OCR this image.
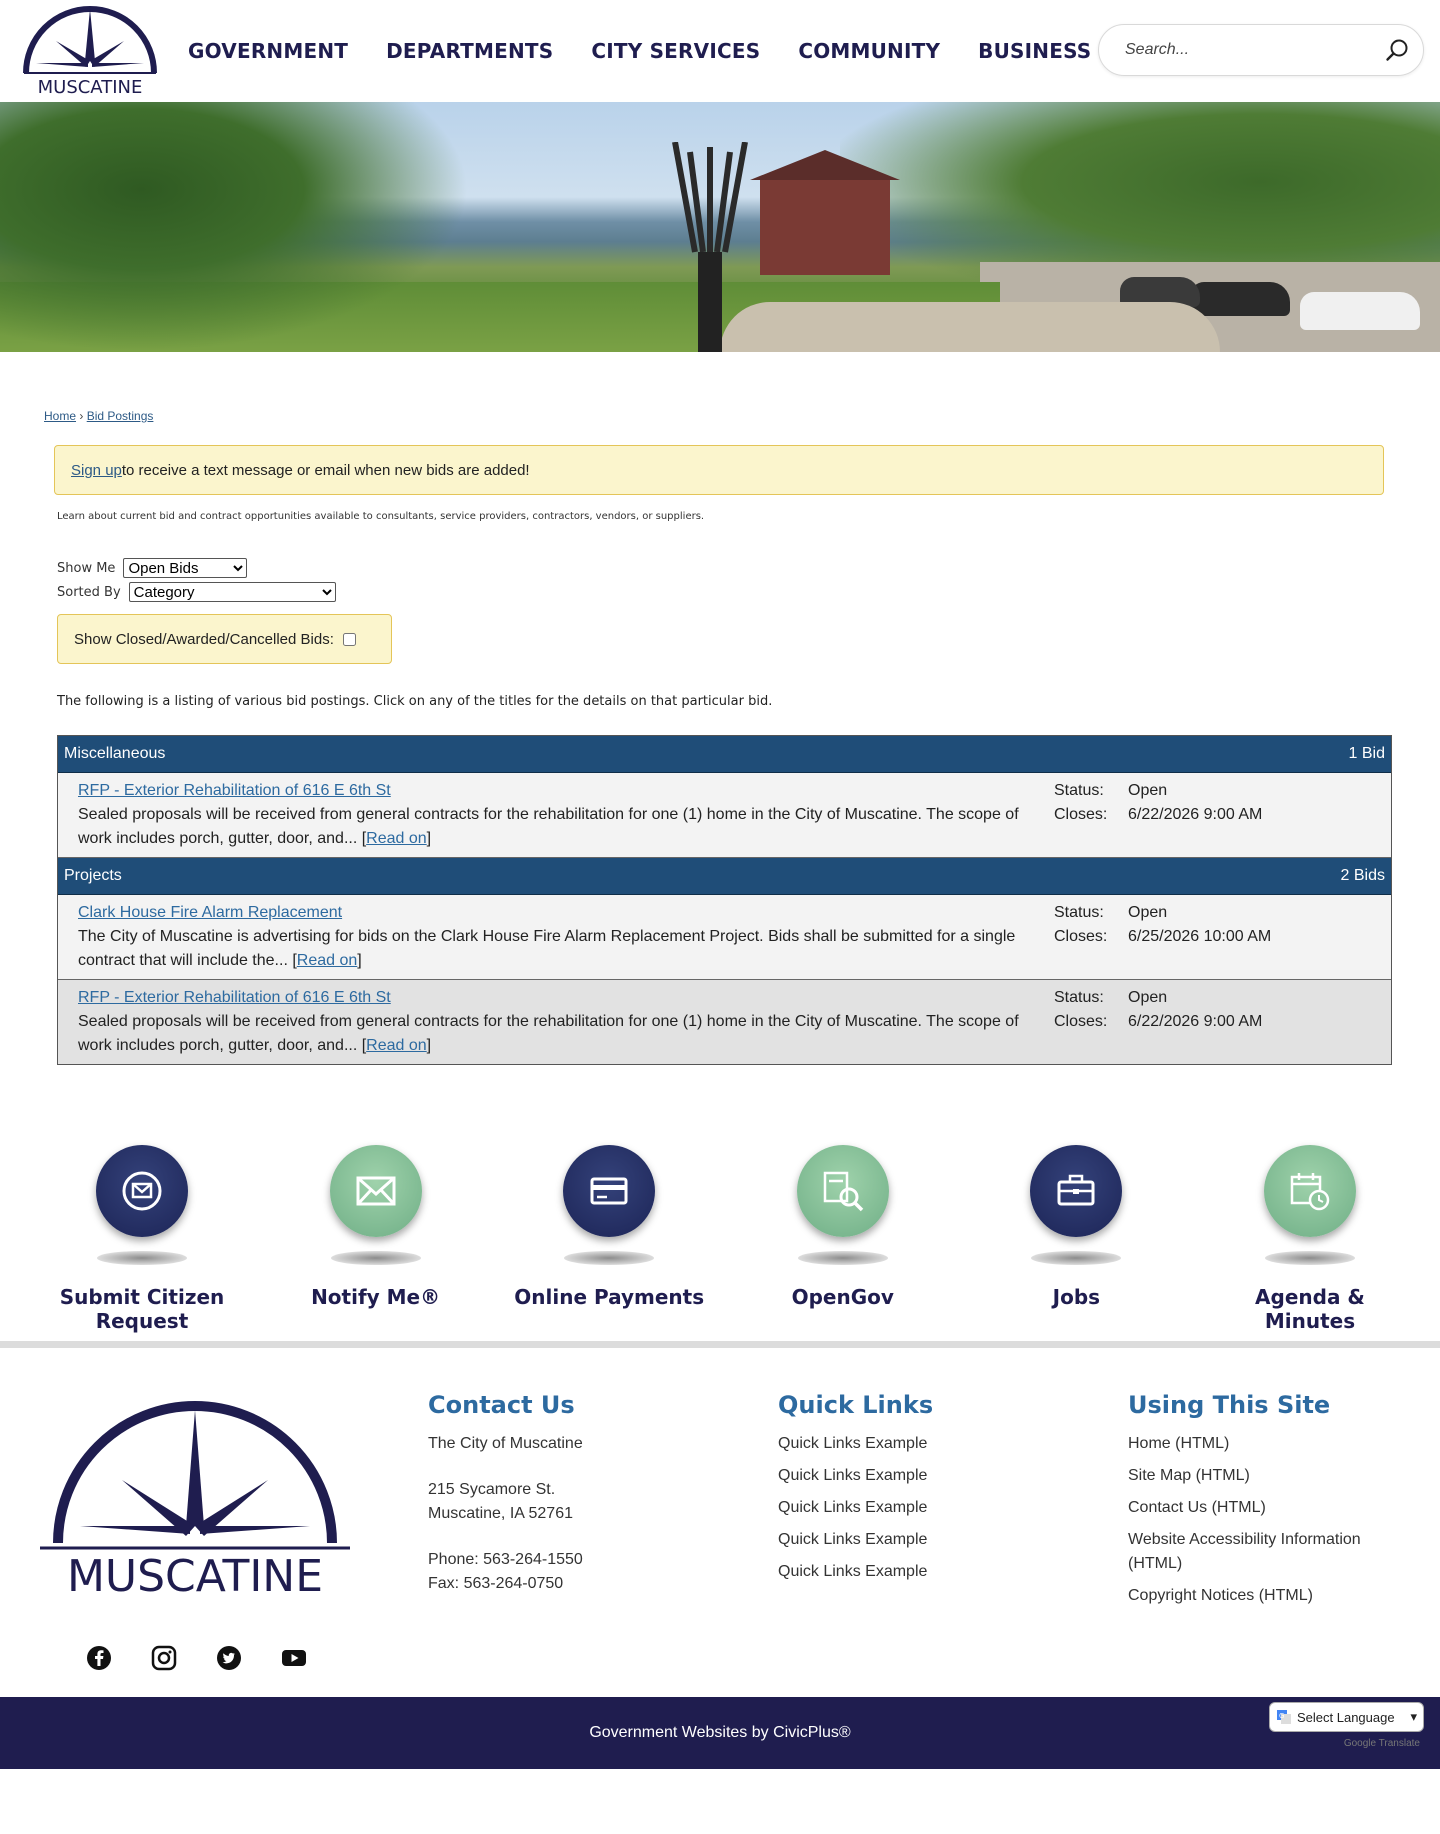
MUSCATINE
GOVERNMENT DEPARTMENTS CITY SERVICES COMMUNITY BUSINESS
Search...
Home › Bid Postings
Sign up to receive a text message or email when new bids are added!
Learn about current bid and contract opportunities available to consultants, service providers, contractors, vendors, or suppliers.
Show Me
Open Bids
Sorted By
Category
Show Closed/Awarded/Cancelled Bids:
The following is a listing of various bid postings. Click on any of the titles for the details on that particular bid.
Miscellaneous	1 Bid
RFP - Exterior Rehabilitation of 616 E 6th St
Sealed proposals will be received from general contracts for the rehabilitation for one (1) home in the City of Muscatine. The scope of work includes porch, gutter, door, and... [Read on]
Status:	Open
Closes:	6/22/2026 9:00 AM
Projects	2 Bids
Clark House Fire Alarm Replacement
The City of Muscatine is advertising for bids on the Clark House Fire Alarm Replacement Project. Bids shall be submitted for a single contract that will include the... [Read on]
Status:	Open
Closes:	6/25/2026 10:00 AM
RFP - Exterior Rehabilitation of 616 E 6th St
Sealed proposals will be received from general contracts for the rehabilitation for one (1) home in the City of Muscatine. The scope of work includes porch, gutter, door, and... [Read on]
Status:	Open
Closes:	6/22/2026 9:00 AM
Submit Citizen Request
Notify Me®	Online Payments	OpenGov	Jobs	Agenda & Minutes
MUSCATINE
Contact Us
The City of Muscatine
215 Sycamore St.
Muscatine, IA 52761
Phone: 563-264-1550
Fax: 563-264-0750
Quick Links
Quick Links Example
Quick Links Example
Quick Links Example
Quick Links Example
Quick Links Example
Using This Site
Home (HTML)
Site Map (HTML)
Contact Us (HTML)
Website Accessibility Information (HTML)
Copyright Notices (HTML)
Government Websites by CivicPlus®
G Select Language ▾
Google Translate
